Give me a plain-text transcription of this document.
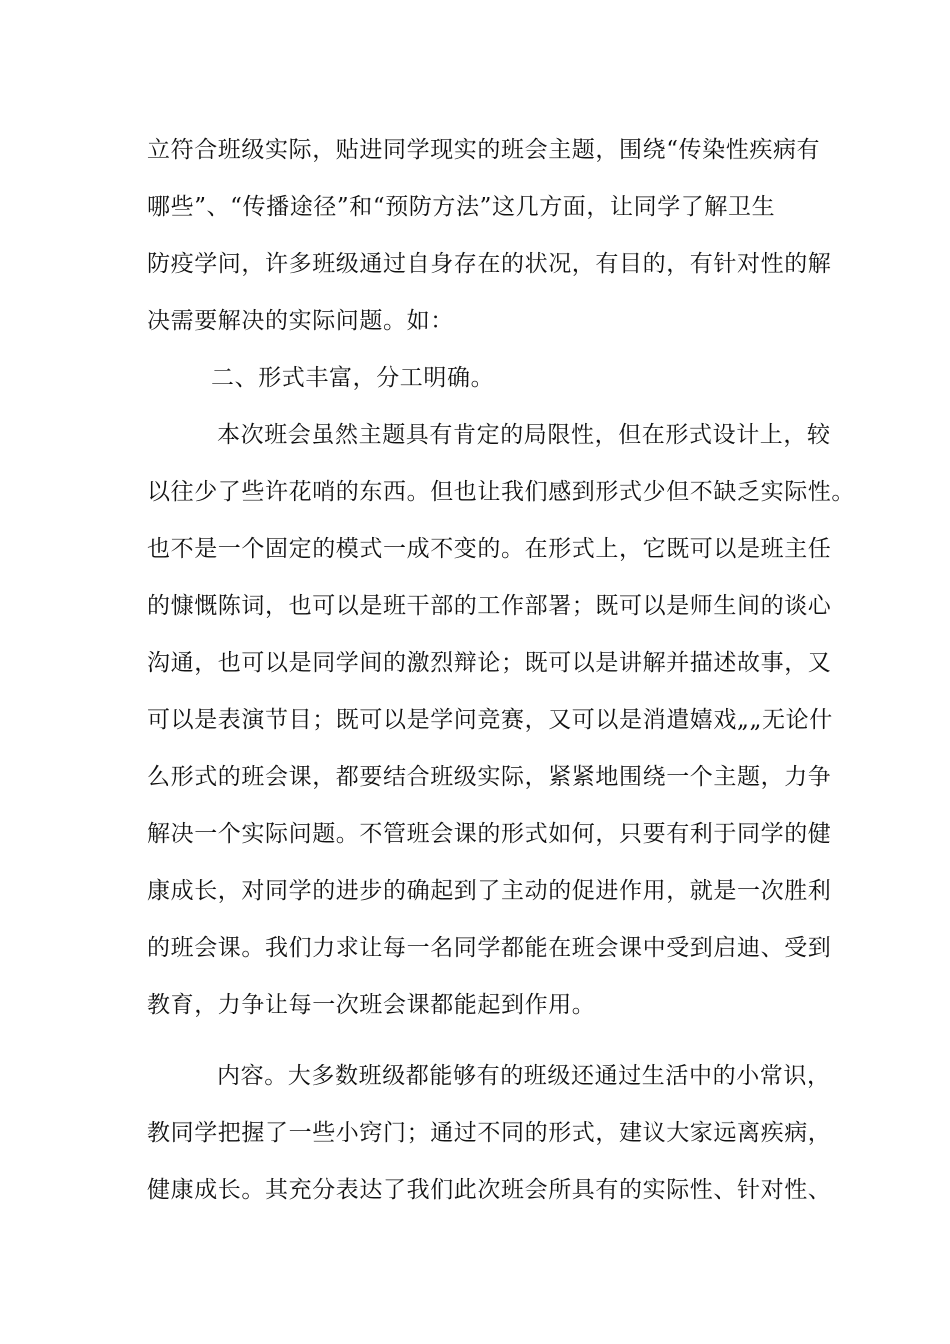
立符合班级实际，贴进同学现实的班会主题，围绕“传染性疾病有
哪些”、“传播途径”和“预防方法”这几方面，让同学了解卫生
防疫学问，许多班级通过自身存在的状况，有目的，有针对性的解
决需要解决的实际问题。如：
二、形式丰富，分工明确。
本次班会虽然主题具有肯定的局限性，但在形式设计上，较
以往少了些许花哨的东西。但也让我们感到形式少但不缺乏实际性。
也不是一个固定的模式一成不变的。在形式上，它既可以是班主任
的慷慨陈词，也可以是班干部的工作部署；既可以是师生间的谈心
沟通，也可以是同学间的激烈辩论；既可以是讲解并描述故事，又
可以是表演节目；既可以是学问竞赛，又可以是消遣嬉戏„„无论什
么形式的班会课，都要结合班级实际，紧紧地围绕一个主题，力争
解决一个实际问题。不管班会课的形式如何，只要有利于同学的健
康成长，对同学的进步的确起到了主动的促进作用，就是一次胜利
的班会课。我们力求让每一名同学都能在班会课中受到启迪、受到
教育，力争让每一次班会课都能起到作用。
内容。大多数班级都能够有的班级还通过生活中的小常识，
教同学把握了一些小窍门；通过不同的形式，建议大家远离疾病，
健康成长。其充分表达了我们此次班会所具有的实际性、针对性、
